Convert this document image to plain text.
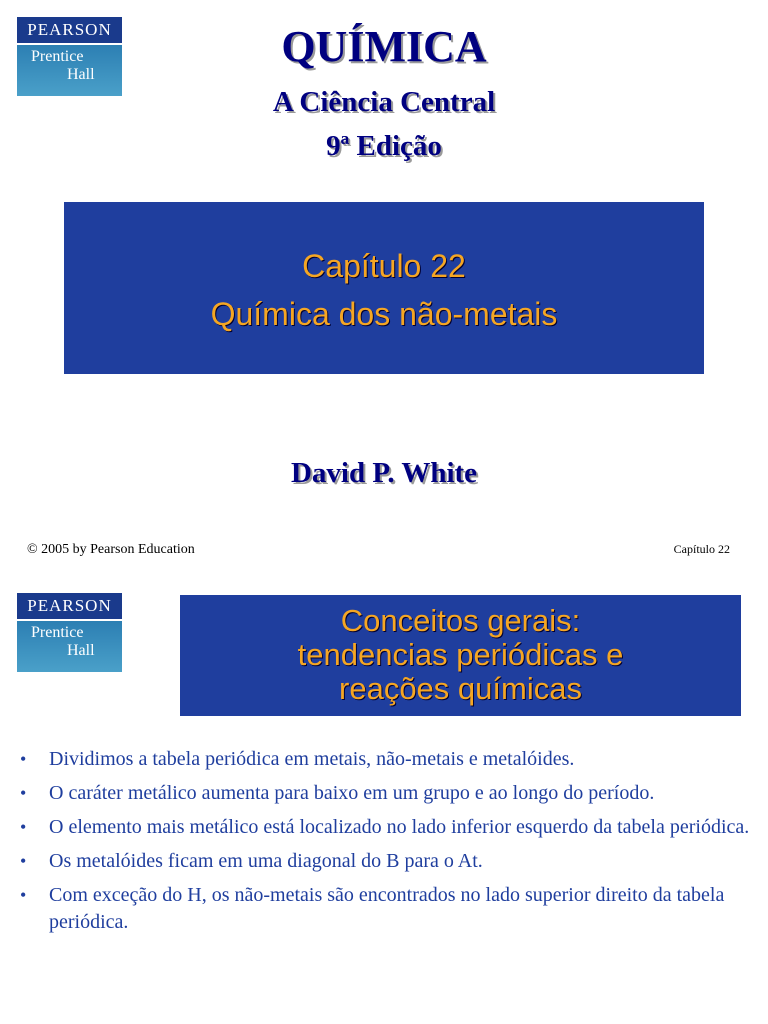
PEARSON
Prentice
Hall
QUÍMICA
A Ciência Central
9ª Edição
Capítulo 22
Química dos não-metais
David P. White
© 2005 by Pearson Education	Capítulo 22
PEARSON
Prentice
Hall
Conceitos gerais:
tendencias periódicas e
reações químicas
• Dividimos a tabela periódica em metais, não-metais e metalóides.
• O caráter metálico aumenta para baixo em um grupo e ao longo do período.
• O elemento mais metálico está localizado no lado inferior esquerdo da tabela periódica.
• Os metalóides ficam em uma diagonal do B para o At.
• Com exceção do H, os não-metais são encontrados no lado superior direito da tabela periódica.
